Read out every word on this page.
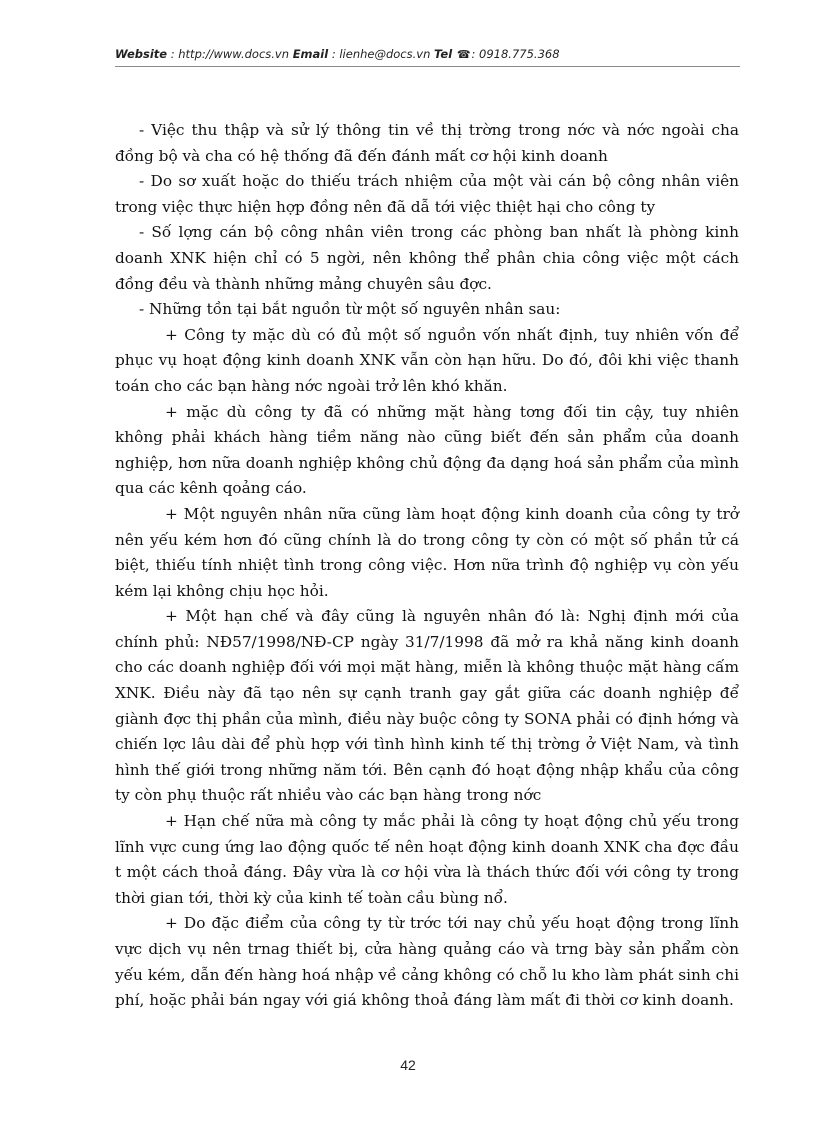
Website : http://www.docs.vn Email : lienhe@docs.vn Tel ☎: 0918.775.368

- Việc thu thập và sử lý thông tin về thị trờng trong nớc và nớc ngoài cha đồng bộ và cha có hệ thống đã đến đánh mất cơ hội kinh doanh

- Do sơ xuất hoặc do thiếu trách nhiệm của một vài cán bộ công nhân viên trong việc thực hiện hợp đồng nên đã dẫ tới việc thiệt hại cho công ty

- Số lợng cán bộ công nhân viên trong các phòng ban nhất là phòng kinh doanh XNK hiện chỉ có 5 ngời, nên không thể phân chia công việc một cách đồng đều và thành những mảng chuyên sâu đợc.

- Những tồn tại bắt nguồn từ một số nguyên nhân sau:

+ Công ty mặc dù có đủ một số nguồn vốn nhất định, tuy nhiên vốn để phục vụ hoạt động kinh doanh XNK vẫn còn hạn hữu. Do đó, đôi khi việc thanh toán cho các bạn hàng nớc ngoài trở lên khó khăn.

+ mặc dù công ty đã có những mặt hàng tơng đối tin cậy, tuy nhiên không phải khách hàng tiềm năng nào cũng biết đến sản phẩm của doanh nghiệp, hơn nữa doanh nghiệp không chủ động đa dạng hoá sản phẩm của mình qua các kênh qoảng cáo.

+ Một nguyên nhân nữa cũng làm hoạt động kinh doanh của công ty trở nên yếu kém hơn đó cũng chính là do trong công ty còn có một số phần tử cá biệt, thiếu tính nhiệt tình trong công việc. Hơn nữa trình độ nghiệp vụ còn yếu kém lại không chịu học hỏi.

+ Một hạn chế và đây cũng là nguyên nhân đó là: Nghị định mới của chính phủ: NĐ57/1998/NĐ-CP ngày 31/7/1998 đã mở ra khả năng kinh doanh cho các doanh nghiệp đối với mọi mặt hàng, miễn là không thuộc mặt hàng cấm XNK. Điều này đã tạo nên sự cạnh tranh gay gắt giữa các doanh nghiệp để giành đợc thị phần của mình, điều này buộc công ty SONA phải có định hớng và chiến lợc lâu dài để phù hợp với tình hình kinh tế thị trờng ở Việt Nam, và tình hình thế giới trong những năm tới. Bên cạnh đó hoạt động nhập khẩu của công ty còn phụ thuộc rất nhiều vào các bạn hàng trong nớc

+ Hạn chế nữa mà công ty mắc phải là công ty hoạt động chủ yếu trong lĩnh vực cung ứng lao động quốc tế nên hoạt động kinh doanh XNK cha đợc đầu t một cách thoả đáng. Đây vừa là cơ hội vừa là thách thức đối với công ty trong thời gian tới, thời kỳ của kinh tế toàn cầu bùng nổ.

+ Do đặc điểm của công ty từ trớc tới nay chủ yếu hoạt động trong lĩnh vực dịch vụ nên trnag thiết bị, cửa hàng quảng cáo và trng bày sản phẩm còn yếu kém, dẫn đến hàng hoá nhập về cảng không có chỗ lu kho làm phát sinh chi phí, hoặc phải bán ngay với giá không thoả đáng làm mất đi thời cơ kinh doanh.

42
